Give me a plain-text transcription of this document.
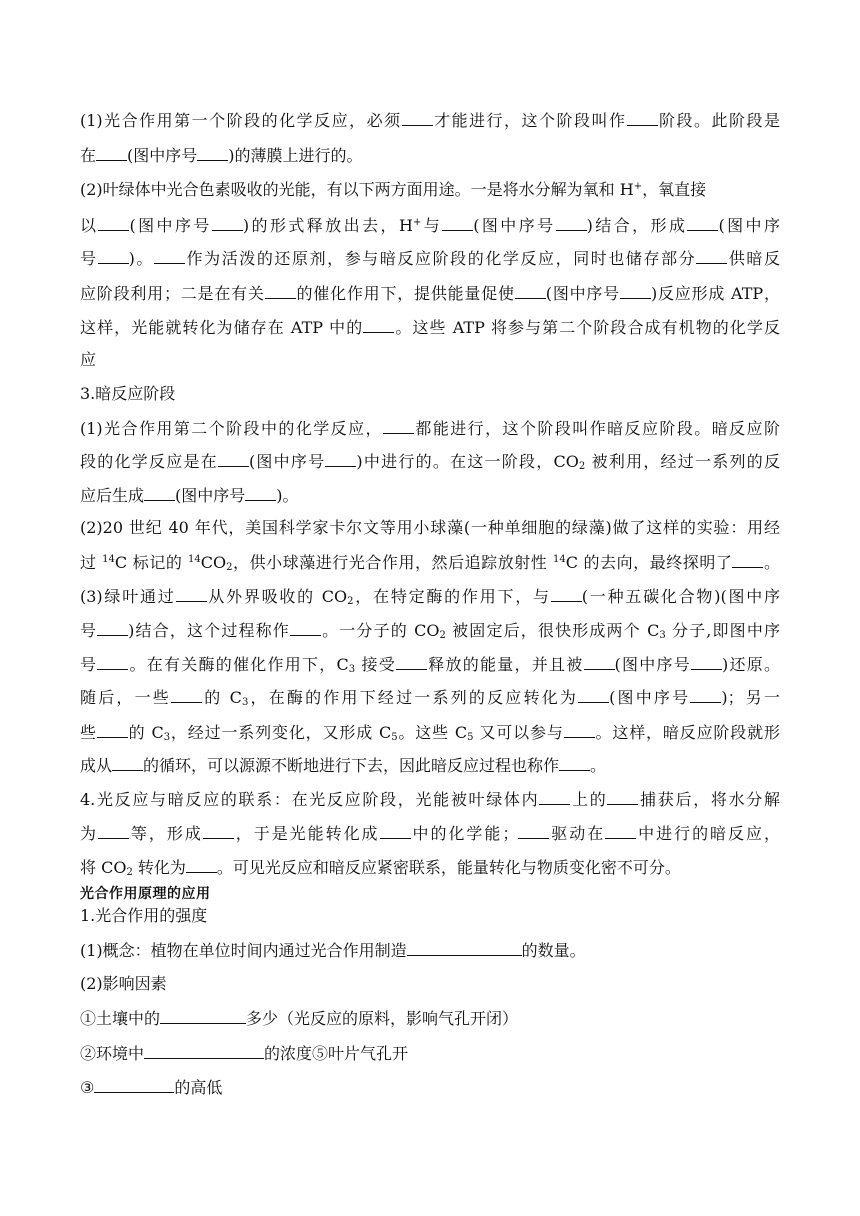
(1)光合作用第一个阶段的化学反应，必须 才能进行，这个阶段叫作 阶段。此阶段是
在 (图中序号 )的薄膜上进行的。
(2)叶绿体中光合色素吸收的光能，有以下两方面用途。一是将水分解为氧和 H+，氧直接
以 (图中序号 )的形式释放出去，H+与 (图中序号 )结合，形成 (图中序
号 )。 作为活泼的还原剂，参与暗反应阶段的化学反应，同时也储存部分 供暗反
应阶段利用；二是在有关 的催化作用下，提供能量促使 (图中序号 )反应形成 ATP，
这样，光能就转化为储存在 ATP 中的 。这些 ATP 将参与第二个阶段合成有机物的化学反
应
3.暗反应阶段
(1)光合作用第二个阶段中的化学反应， 都能进行，这个阶段叫作暗反应阶段。暗反应阶
段的化学反应是在 (图中序号 )中进行的。在这一阶段，$CO_2$ 被利用，经过一系列的反
应后生成 (图中序号 )。
(2)20 世纪 40 年代，美国科学家卡尔文等用小球藻(一种单细胞的绿藻)做了这样的实验：用经
过 $^{14}$C 标记的 $^{14}CO_2$，供小球藻进行光合作用，然后追踪放射性 $^{14}$C 的去向，最终探明了 。
(3)绿叶通过 从外界吸收的 $CO_2$，在特定酶的作用下，与 (一种五碳化合物)(图中序
号 )结合，这个过程称作 。一分子的 $CO_2$ 被固定后，很快形成两个 $C_3$ 分子,即图中序
号 。在有关酶的催化作用下，$C_3$ 接受 释放的能量，并且被 (图中序号 )还原。
随后，一些 的 $C_3$，在酶的作用下经过一系列的反应转化为 (图中序号 )；另一
些 的 $C_3$，经过一系列变化，又形成 $C_5$。这些 $C_5$ 又可以参与 。这样，暗反应阶段就形
成从 的循环，可以源源不断地进行下去，因此暗反应过程也称作 。
4.光反应与暗反应的联系：在光反应阶段，光能被叶绿体内 上的 捕获后，将水分解
为 等，形成 ，于是光能转化成 中的化学能； 驱动在 中进行的暗反应，
将 $CO_2$ 转化为 。可见光反应和暗反应紧密联系，能量转化与物质变化密不可分。
光合作用原理的应用
1.光合作用的强度
(1)概念：植物在单位时间内通过光合作用制造	的数量。
(2)影响因素
①土壤中的	多少（光反应的原料，影响气孔开闭）
②环境中	的浓度⑤叶片气孔开
③	的高低
